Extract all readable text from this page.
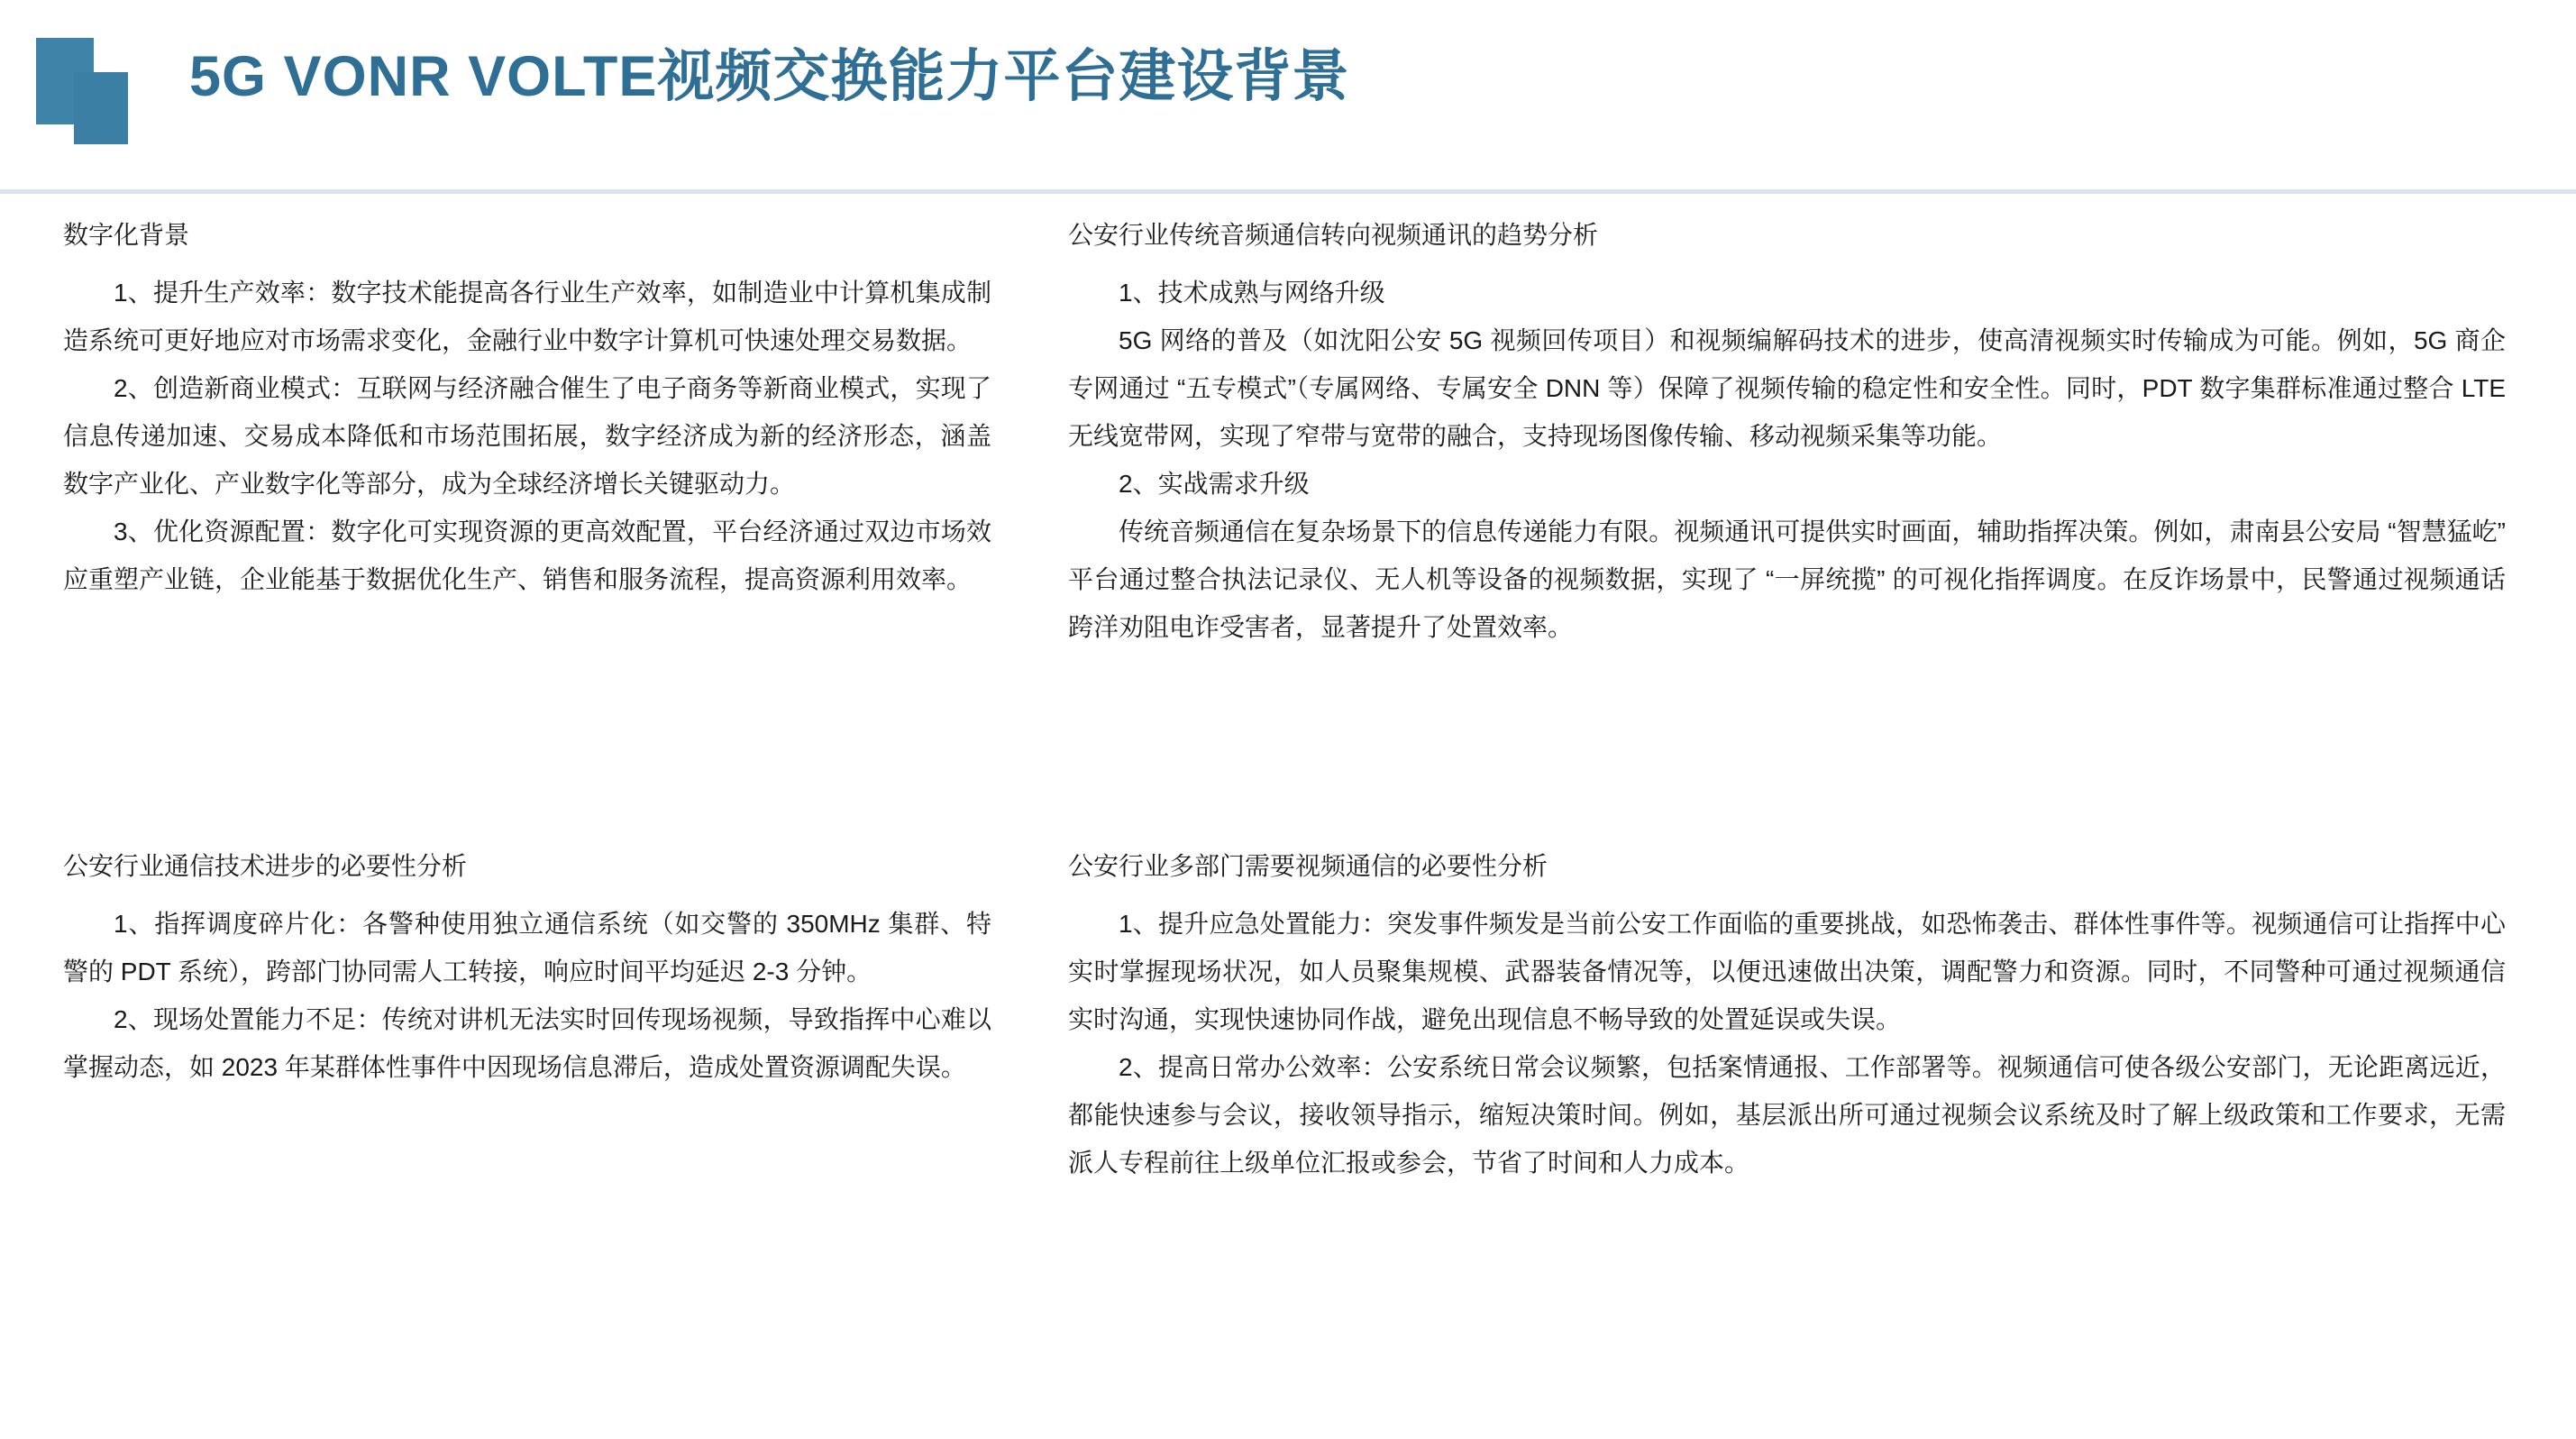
5G VONR VOLTE视频交换能力平台建设背景
数字化背景

1、提升生产效率：数字技术能提高各行业生产效率，如制造业中计算机集成制造系统可更好地应对市场需求变化，金融行业中数字计算机可快速处理交易数据。

2、创造新商业模式：互联网与经济融合催生了电子商务等新商业模式，实现了信息传递加速、交易成本降低和市场范围拓展，数字经济成为新的经济形态，涵盖数字产业化、产业数字化等部分，成为全球经济增长关键驱动力。

3、优化资源配置：数字化可实现资源的更高效配置，平台经济通过双边市场效应重塑产业链，企业能基于数据优化生产、销售和服务流程，提高资源利用效率。

公安行业通信技术进步的必要性分析

1、指挥调度碎片化：各警种使用独立通信系统（如交警的 350MHz 集群、特警的 PDT 系统），跨部门协同需人工转接，响应时间平均延迟 2-3 分钟。

2、现场处置能力不足：传统对讲机无法实时回传现场视频，导致指挥中心难以掌握动态，如 2023 年某群体性事件中因现场信息滞后，造成处置资源调配失误。

公安行业传统音频通信转向视频通讯的趋势分析

1、技术成熟与网络升级

5G 网络的普及（如沈阳公安 5G 视频回传项目）和视频编解码技术的进步，使高清视频实时传输成为可能。例如，5G 商企专网通过 “五专模式”（专属网络、专属安全 DNN 等）保障了视频传输的稳定性和安全性。同时，PDT 数字集群标准通过整合 LTE 无线宽带网，实现了窄带与宽带的融合，支持现场图像传输、移动视频采集等功能。

2、实战需求升级

传统音频通信在复杂场景下的信息传递能力有限。视频通讯可提供实时画面，辅助指挥决策。例如，肃南县公安局 “智慧猛屹” 平台通过整合执法记录仪、无人机等设备的视频数据，实现了 “一屏统揽” 的可视化指挥调度。在反诈场景中，民警通过视频通话跨洋劝阻电诈受害者，显著提升了处置效率。

公安行业多部门需要视频通信的必要性分析

1、提升应急处置能力：突发事件频发是当前公安工作面临的重要挑战，如恐怖袭击、群体性事件等。视频通信可让指挥中心实时掌握现场状况，如人员聚集规模、武器装备情况等，以便迅速做出决策，调配警力和资源。同时，不同警种可通过视频通信实时沟通，实现快速协同作战，避免出现信息不畅导致的处置延误或失误。

2、提高日常办公效率：公安系统日常会议频繁，包括案情通报、工作部署等。视频通信可使各级公安部门，无论距离远近，都能快速参与会议，接收领导指示，缩短决策时间。例如，基层派出所可通过视频会议系统及时了解上级政策和工作要求，无需派人专程前往上级单位汇报或参会，节省了时间和人力成本。
